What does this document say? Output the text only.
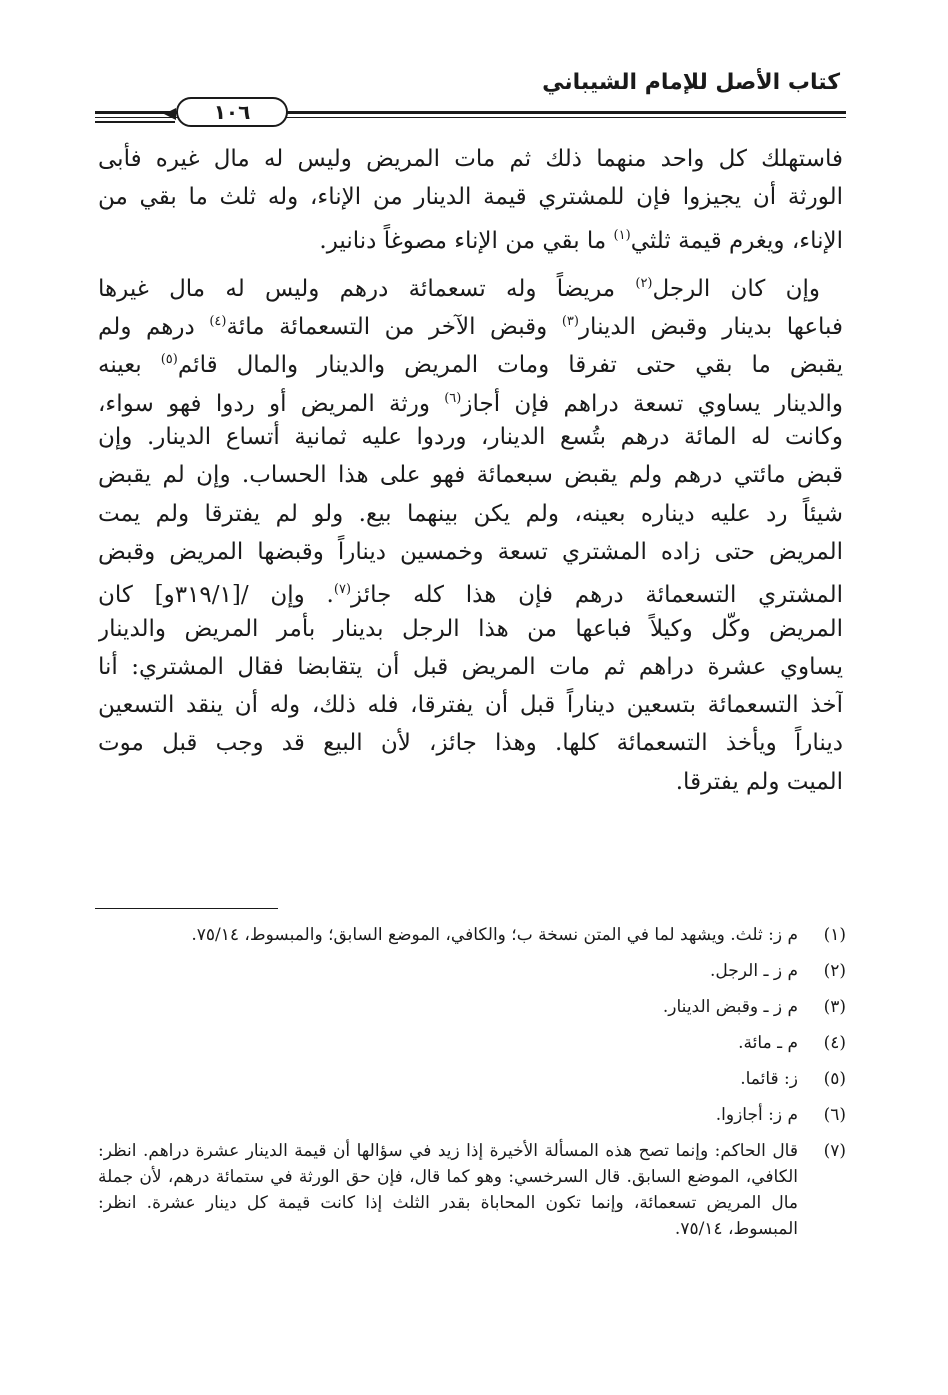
كتاب الأصل للإمام الشيباني
١٠٦
فاستهلك كل واحد منهما ذلك ثم مات المريض وليس له مال غيره فأبى
الورثة أن يجيزوا فإن للمشتري قيمة الدينار من الإناء، وله ثلث ما بقي من
الإناء، ويغرم قيمة ثلثي$^{(١)}$ ما بقي من الإناء مصوغاً دنانير.
 وإن كان الرجل$^{(٢)}$ مريضاً وله تسعمائة درهم وليس له مال غيرها
فباعها بدينار وقبض الدينار$^{(٣)}$ وقبض الآخر من التسعمائة مائة$^{(٤)}$ درهم ولم
يقبض ما بقي حتى تفرقا ومات المريض والدينار والمال قائم$^{(٥)}$ بعينه
والدينار يساوي تسعة دراهم فإن أجاز$^{(٦)}$ ورثة المريض أو ردوا فهو سواء،
وكانت له المائة درهم بتُسع الدينار، وردوا عليه ثمانية أتساع الدينار. وإن
قبض مائتي درهم ولم يقبض سبعمائة فهو على هذا الحساب. وإن لم يقبض
شيئاً رد عليه ديناره بعينه، ولم يكن بينهما بيع. ولو لم يفترقا ولم يمت
المريض حتى زاده المشتري تسعة وخمسين ديناراً وقبضها المريض وقبض
المشتري التسعمائة درهم فإن هذا كله جائز$^{(٧)}$. وإن /[٣١٩/١و] كان
المريض وكّل وكيلاً فباعها من هذا الرجل بدينار بأمر المريض والدينار
يساوي عشرة دراهم ثم مات المريض قبل أن يتقابضا فقال المشتري: أنا
آخذ التسعمائة بتسعين ديناراً قبل أن يفترقا، فله ذلك، وله أن ينقد التسعين
ديناراً ويأخذ التسعمائة كلها. وهذا جائز، لأن البيع قد وجب قبل موت
الميت ولم يفترقا.
(١)
م ز: ثلث. ويشهد لما في المتن نسخة ب؛ والكافي، الموضع السابق؛ والمبسوط، ٧٥/١٤.
(٢)
م ز ـ الرجل.
(٣)
م ز ـ وقبض الدينار.
(٤)
م ـ مائة.
(٥)
ز: قائما.
(٦)
م ز: أجازوا.
(٧)
قال الحاكم: وإنما تصح هذه المسألة الأخيرة إذا زيد في سؤالها أن قيمة الدينار عشرة دراهم. انظر: الكافي، الموضع السابق. قال السرخسي: وهو كما قال، فإن حق الورثة في ستمائة درهم، لأن جملة مال المريض تسعمائة، وإنما تكون المحاباة بقدر الثلث إذا كانت قيمة كل دينار عشرة. انظر: المبسوط، ٧٥/١٤.
